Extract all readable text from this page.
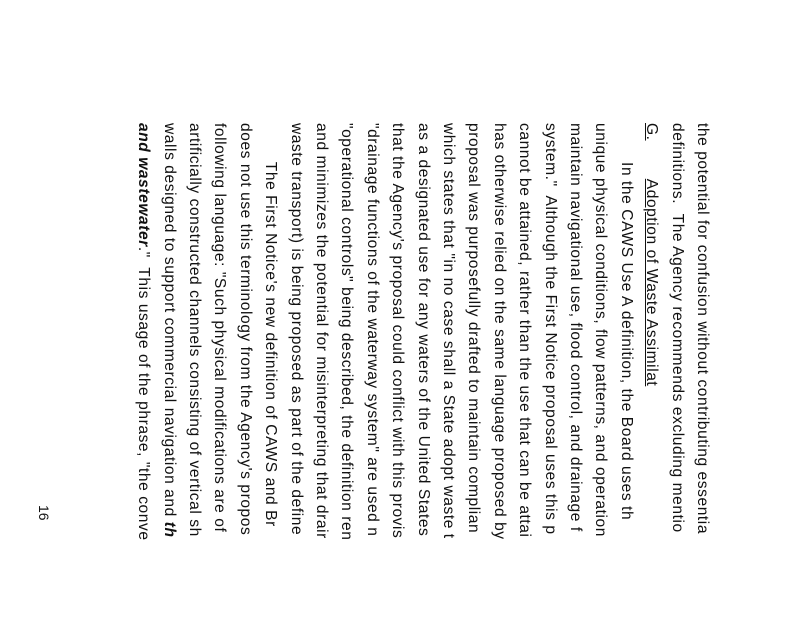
the potential for confusion without contributing essentia
definitions.  The Agency recommends excluding mentio
G.        Adoption of Waste Assimilat
In the CAWS Use A definition, the Board uses th
unique physical conditions, flow patterns, and operation
maintain navigational use, flood control, and drainage f
system."  Although the First Notice proposal uses this p
cannot be attained, rather than the use that can be attai
has otherwise relied on the same language proposed by
proposal was purposefully drafted to maintain complian
which states that "in no case shall a State adopt waste t
as a designated use for any waters of the United States
that the Agency's proposal could conflict with this provis
"drainage functions of the waterway system" are used n
"operational controls" being described, the definition ren
and minimizes the potential for misinterpreting that drair
waste transport) is being proposed as part of the define
The First Notice's new definition of CAWS and Br
does not use this terminology from the Agency's propos
following language: "Such physical modifications are of
artificially constructed channels consisting of vertical sh
walls designed to support commercial navigation and th
and wastewater."  This usage of the phrase, "the conve
16
